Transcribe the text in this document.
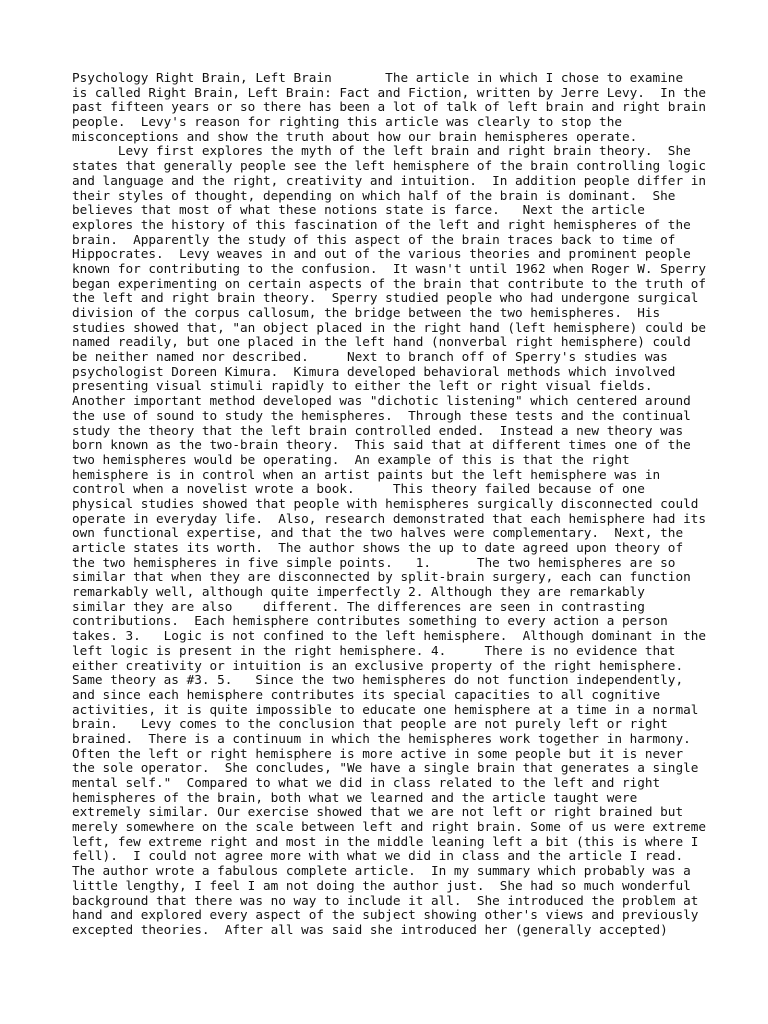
Psychology Right Brain, Left Brain       The article in which I chose to examine
is called Right Brain, Left Brain: Fact and Fiction, written by Jerre Levy.  In the
past fifteen years or so there has been a lot of talk of left brain and right brain
people.  Levy's reason for righting this article was clearly to stop the
misconceptions and show the truth about how our brain hemispheres operate.
Levy first explores the myth of the left brain and right brain theory.  She
states that generally people see the left hemisphere of the brain controlling logic
and language and the right, creativity and intuition.  In addition people differ in
their styles of thought, depending on which half of the brain is dominant.  She
believes that most of what these notions state is farce.   Next the article
explores the history of this fascination of the left and right hemispheres of the
brain.  Apparently the study of this aspect of the brain traces back to time of
Hippocrates.  Levy weaves in and out of the various theories and prominent people
known for contributing to the confusion.  It wasn't until 1962 when Roger W. Sperry
began experimenting on certain aspects of the brain that contribute to the truth of
the left and right brain theory.  Sperry studied people who had undergone surgical
division of the corpus callosum, the bridge between the two hemispheres.  His
studies showed that, "an object placed in the right hand (left hemisphere) could be
named readily, but one placed in the left hand (nonverbal right hemisphere) could
be neither named nor described.     Next to branch off of Sperry's studies was
psychologist Doreen Kimura.  Kimura developed behavioral methods which involved
presenting visual stimuli rapidly to either the left or right visual fields.
Another important method developed was "dichotic listening" which centered around
the use of sound to study the hemispheres.  Through these tests and the continual
study the theory that the left brain controlled ended.  Instead a new theory was
born known as the two-brain theory.  This said that at different times one of the
two hemispheres would be operating.  An example of this is that the right
hemisphere is in control when an artist paints but the left hemisphere was in
control when a novelist wrote a book.     This theory failed because of one
physical studies showed that people with hemispheres surgically disconnected could
operate in everyday life.  Also, research demonstrated that each hemisphere had its
own functional expertise, and that the two halves were complementary.  Next, the
article states its worth.  The author shows the up to date agreed upon theory of
the two hemispheres in five simple points.   1.      The two hemispheres are so
similar that when they are disconnected by split-brain surgery, each can function
remarkably well, although quite imperfectly 2. Although they are remarkably
similar they are also    different. The differences are seen in contrasting
contributions.  Each hemisphere contributes something to every action a person
takes. 3.   Logic is not confined to the left hemisphere.  Although dominant in the
left logic is present in the right hemisphere. 4.     There is no evidence that
either creativity or intuition is an exclusive property of the right hemisphere.
Same theory as #3. 5.   Since the two hemispheres do not function independently,
and since each hemisphere contributes its special capacities to all cognitive
activities, it is quite impossible to educate one hemisphere at a time in a normal
brain.   Levy comes to the conclusion that people are not purely left or right
brained.  There is a continuum in which the hemispheres work together in harmony.
Often the left or right hemisphere is more active in some people but it is never
the sole operator.  She concludes, "We have a single brain that generates a single
mental self."  Compared to what we did in class related to the left and right
hemispheres of the brain, both what we learned and the article taught were
extremely similar. Our exercise showed that we are not left or right brained but
merely somewhere on the scale between left and right brain. Some of us were extreme
left, few extreme right and most in the middle leaning left a bit (this is where I
fell).  I could not agree more with what we did in class and the article I read.
The author wrote a fabulous complete article.  In my summary which probably was a
little lengthy, I feel I am not doing the author just.  She had so much wonderful
background that there was no way to include it all.  She introduced the problem at
hand and explored every aspect of the subject showing other's views and previously
excepted theories.  After all was said she introduced her (generally accepted)
